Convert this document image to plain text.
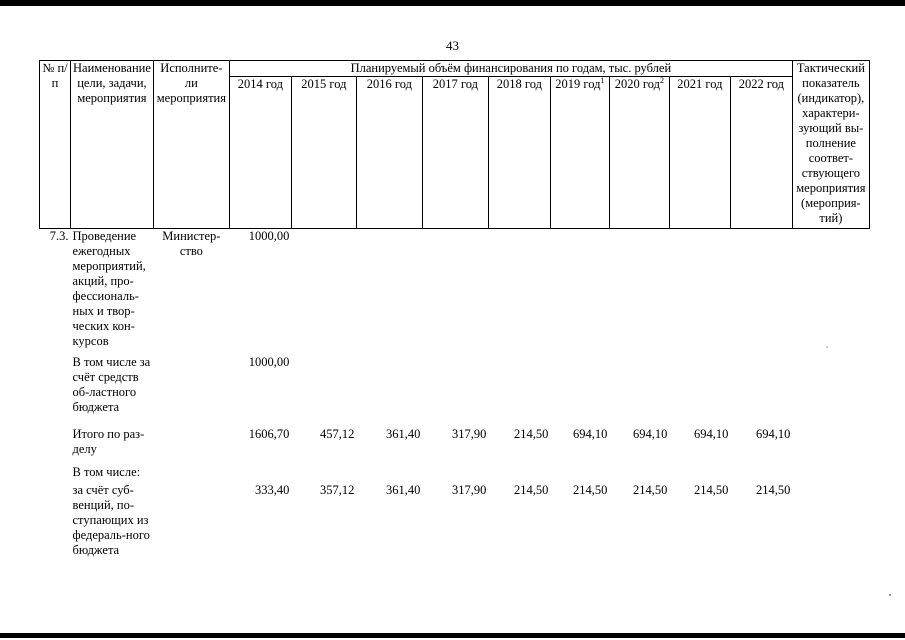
43
№ п/п	Наименование цели, задачи, мероприятия	Исполните-ли мероприятия	Планируемый объём финансирования по годам, тыс. рублей									Тактический показатель (индикатор), характери-зующий вы-полнение соответ-ствующего мероприятия (мероприя-тий)
			2014 год	2015 год	2016 год	2017 год	2018 год	2019 год$^1$	2020 год$^2$	2021 год	2022 год	
7.3.	Проведение ежегодных мероприятий, акций, про-фессиональ-ных и твор-ческих кон-курсов	Министер-ство	1000,00									
	В том числе за счёт средств об-ластного бюджета		1000,00									
	Итого по раз-делу		1606,70	457,12	361,40	317,90	214,50	694,10	694,10	694,10	694,10	
	В том числе:											
	за счёт суб-венций, по-ступающих из федераль-ного бюджета		333,40	357,12	361,40	317,90	214,50	214,50	214,50	214,50	214,50	
